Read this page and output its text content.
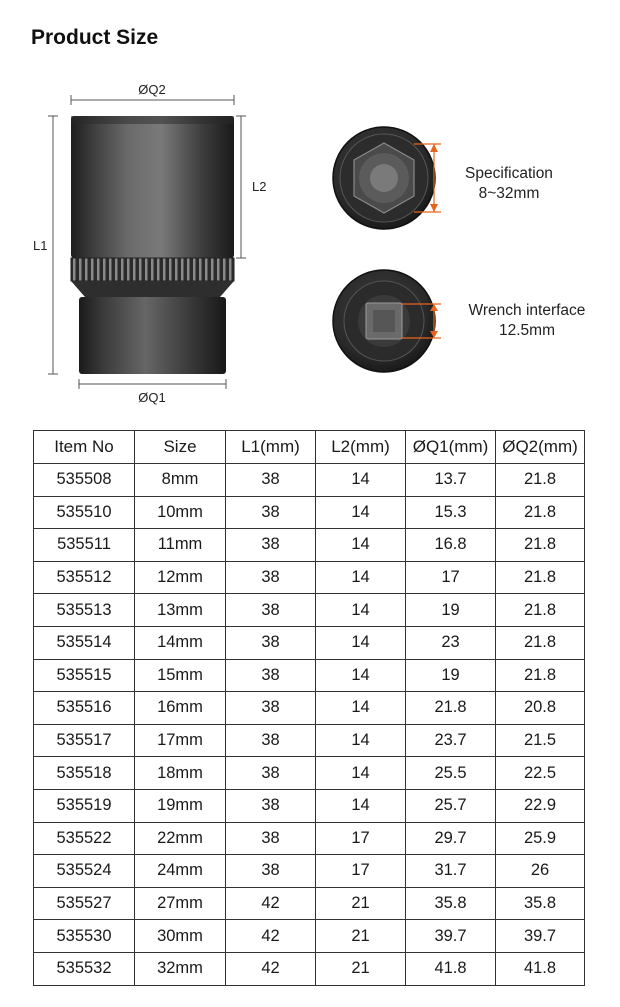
Product Size
ØQ2
L1
L2
ØQ1
Specification
8~32mm
Wrench interface
12.5mm
Item No	Size	L1(mm)	L2(mm)	ØQ1(mm)	ØQ2(mm)
535508	8mm	38	14	13.7	21.8
535510	10mm	38	14	15.3	21.8
535511	11mm	38	14	16.8	21.8
535512	12mm	38	14	17	21.8
535513	13mm	38	14	19	21.8
535514	14mm	38	14	23	21.8
535515	15mm	38	14	19	21.8
535516	16mm	38	14	21.8	20.8
535517	17mm	38	14	23.7	21.5
535518	18mm	38	14	25.5	22.5
535519	19mm	38	14	25.7	22.9
535522	22mm	38	17	29.7	25.9
535524	24mm	38	17	31.7	26
535527	27mm	42	21	35.8	35.8
535530	30mm	42	21	39.7	39.7
535532	32mm	42	21	41.8	41.8
